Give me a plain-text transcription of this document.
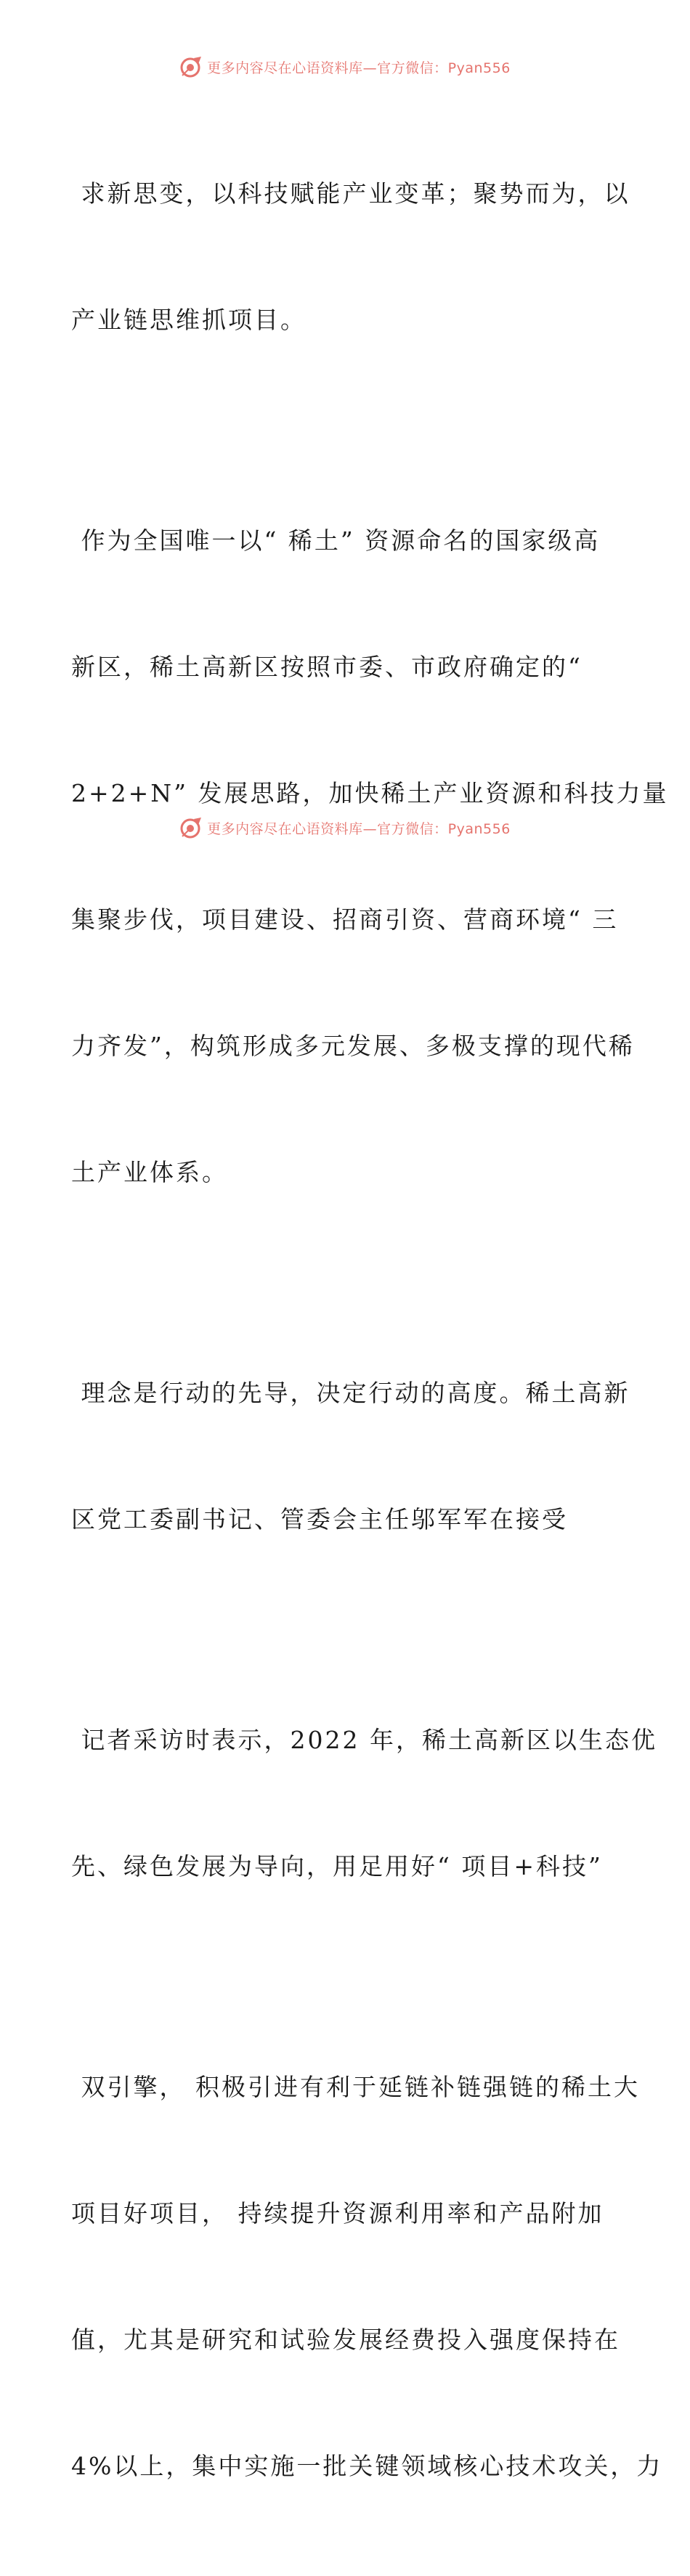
更多内容尽在心语资料库—官方微信：Pyan556

求新思变，以科技赋能产业变革；聚势而为，以

产业链思维抓项目。

作为全国唯一以“ 稀土” 资源命名的国家级高

新区，稀土高新区按照市委、市政府确定的“

2+2+N” 发展思路，加快稀土产业资源和科技力量

集聚步伐，项目建设、招商引资、营商环境“ 三

力齐发”，构筑形成多元发展、多极支撑的现代稀

土产业体系。

理念是行动的先导，决定行动的高度。稀土高新

区党工委副书记、管委会主任邬军军在接受

记者采访时表示，2022 年，稀土高新区以生态优

先、绿色发展为导向，用足用好“ 项目+科技”

双引擎， 积极引进有利于延链补链强链的稀土大

项目好项目， 持续提升资源利用率和产品附加

值，尤其是研究和试验发展经费投入强度保持在

4%以上，集中实施一批关键领域核心技术攻关，力

更多内容尽在心语资料库—官方微信：Pyan556
